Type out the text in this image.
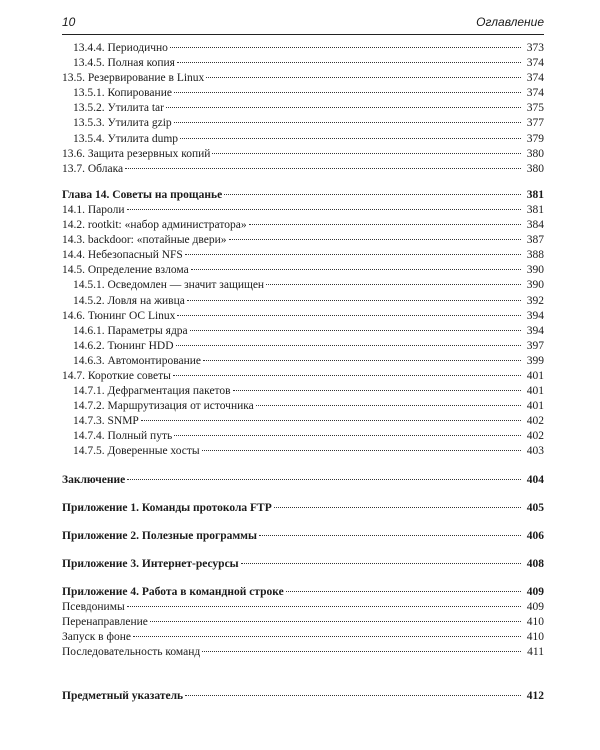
10	Оглавление
13.4.4. Периодично	373
13.4.5. Полная копия	374
13.5. Резервирование в Linux	374
13.5.1. Копирование	374
13.5.2. Утилита tar	375
13.5.3. Утилита gzip	377
13.5.4. Утилита dump	379
13.6. Защита резервных копий	380
13.7. Облака	380
Глава 14. Советы на прощанье	381
14.1. Пароли	381
14.2. rootkit: «набор администратора»	384
14.3. backdoor: «потайные двери»	387
14.4. Небезопасный NFS	388
14.5. Определение взлома	390
14.5.1. Осведомлен — значит защищен	390
14.5.2. Ловля на живца	392
14.6. Тюнинг ОС Linux	394
14.6.1. Параметры ядра	394
14.6.2. Тюнинг HDD	397
14.6.3. Автомонтирование	399
14.7. Короткие советы	401
14.7.1. Дефрагментация пакетов	401
14.7.2. Маршрутизация от источника	401
14.7.3. SNMP	402
14.7.4. Полный путь	402
14.7.5. Доверенные хосты	403
Заключение	404
Приложение 1. Команды протокола FTP	405
Приложение 2. Полезные программы	406
Приложение 3. Интернет-ресурсы	408
Приложение 4. Работа в командной строке	409
Псевдонимы	409
Перенаправление	410
Запуск в фоне	410
Последовательность команд	411
Предметный указатель	412
